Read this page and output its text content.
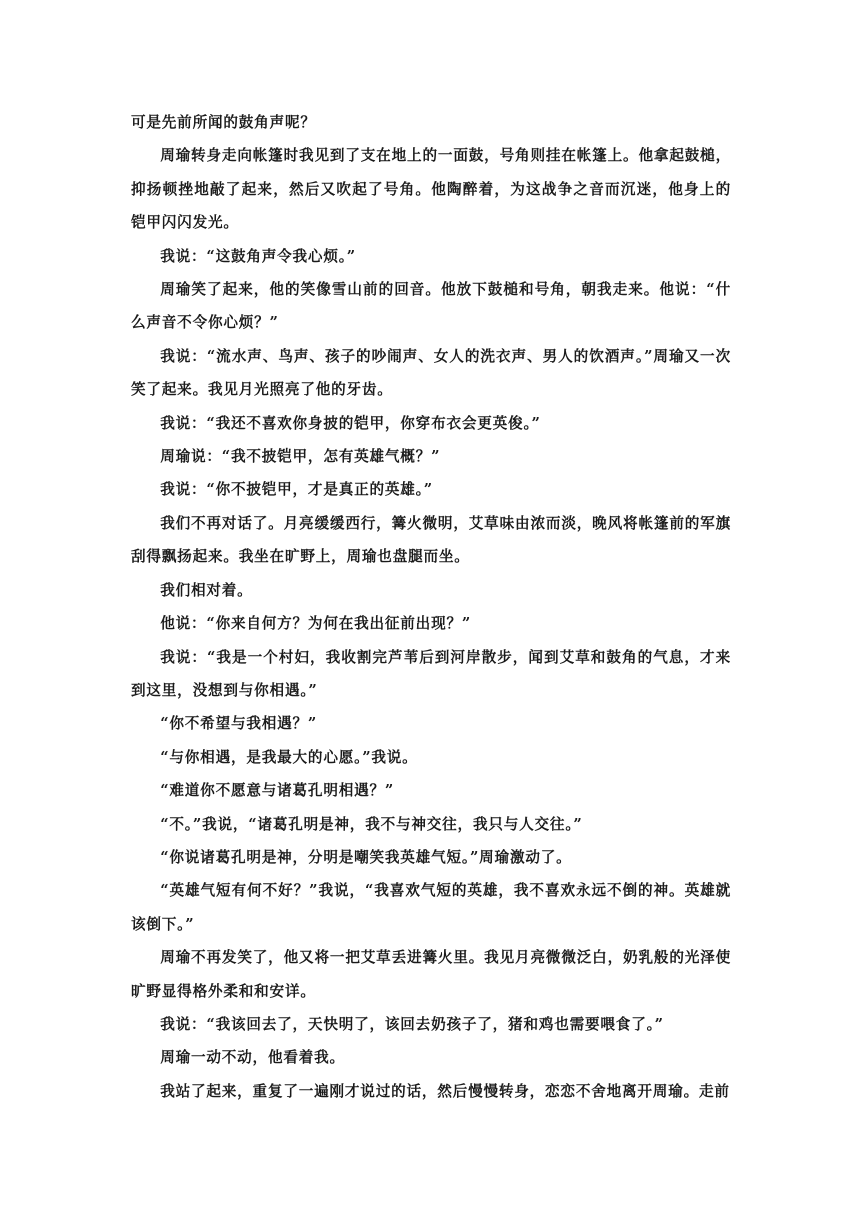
可是先前所闻的鼓角声呢？

周瑜转身走向帐篷时我见到了支在地上的一面鼓，号角则挂在帐篷上。他拿起鼓槌，抑扬顿挫地敲了起来，然后又吹起了号角。他陶醉着，为这战争之音而沉迷，他身上的铠甲闪闪发光。

我说：“这鼓角声令我心烦。”

周瑜笑了起来，他的笑像雪山前的回音。他放下鼓槌和号角，朝我走来。他说：“什么声音不令你心烦？”

我说：“流水声、鸟声、孩子的吵闹声、女人的洗衣声、男人的饮酒声。”周瑜又一次笑了起来。我见月光照亮了他的牙齿。

我说：“我还不喜欢你身披的铠甲，你穿布衣会更英俊。”

周瑜说：“我不披铠甲，怎有英雄气概？”

我说：“你不披铠甲，才是真正的英雄。”

我们不再对话了。月亮缓缓西行，篝火微明，艾草味由浓而淡，晚风将帐篷前的军旗刮得飘扬起来。我坐在旷野上，周瑜也盘腿而坐。

我们相对着。

他说：“你来自何方？为何在我出征前出现？”

我说：“我是一个村妇，我收割完芦苇后到河岸散步，闻到艾草和鼓角的气息，才来到这里，没想到与你相遇。”

“你不希望与我相遇？”

“与你相遇，是我最大的心愿。”我说。

“难道你不愿意与诸葛孔明相遇？”

“不。”我说，“诸葛孔明是神，我不与神交往，我只与人交往。”

“你说诸葛孔明是神，分明是嘲笑我英雄气短。”周瑜激动了。

“英雄气短有何不好？”我说，“我喜欢气短的英雄，我不喜欢永远不倒的神。英雄就该倒下。”

周瑜不再发笑了，他又将一把艾草丢进篝火里。我见月亮微微泛白，奶乳般的光泽使旷野显得格外柔和和安详。

我说：“我该回去了，天快明了，该回去奶孩子了，猪和鸡也需要喂食了。”

周瑜一动不动，他看着我。

我站了起来，重复了一遍刚才说过的话，然后慢慢转身，恋恋不舍地离开周瑜。走前
